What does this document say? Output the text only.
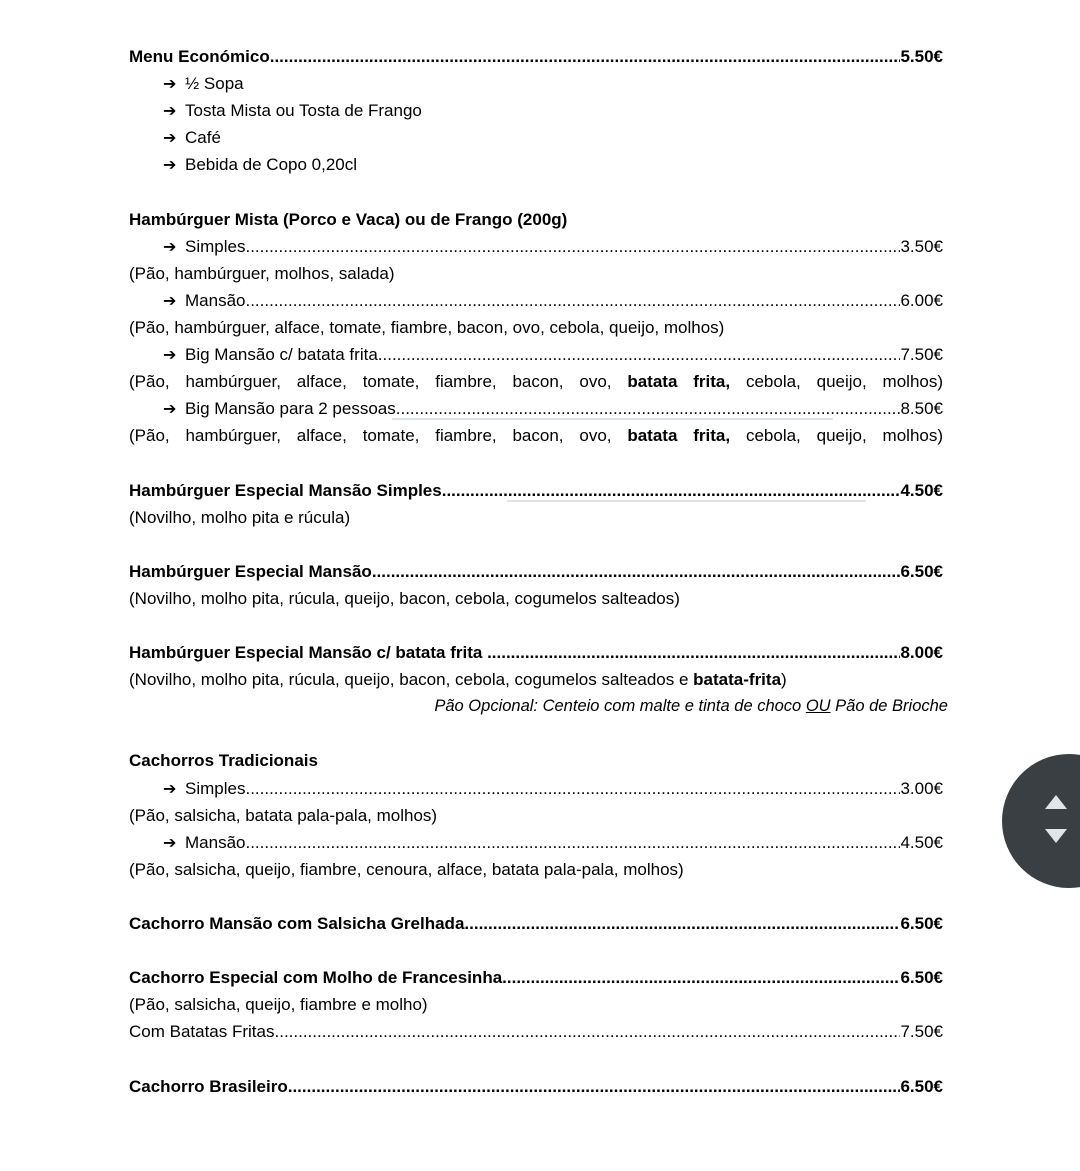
Menu Económico .....	5.50€
➔ ½ Sopa
➔ Tosta Mista ou Tosta de Frango
➔ Café
➔ Bebida de Copo 0,20cl
Hambúrguer Mista (Porco e Vaca) ou de Frango (200g)
➔ Simples .....	3.50€
(Pão, hambúrguer, molhos, salada)
➔ Mansão .....	6.00€
(Pão, hambúrguer, alface, tomate, fiambre, bacon, ovo, cebola, queijo, molhos)
➔ Big Mansão c/ batata frita .....	7.50€
(Pão, hambúrguer, alface, tomate, fiambre, bacon, ovo, batata frita, cebola, queijo, molhos)
➔ Big Mansão para 2 pessoas .....	8.50€
(Pão, hambúrguer, alface, tomate, fiambre, bacon, ovo, batata frita, cebola, queijo, molhos)
Hambúrguer Especial Mansão Simples .....	4.50€
(Novilho, molho pita e rúcula)
Hambúrguer Especial Mansão .....	6.50€
(Novilho, molho pita, rúcula, queijo, bacon, cebola, cogumelos salteados)
Hambúrguer Especial Mansão c/ batata frita .....	8.00€
(Novilho, molho pita, rúcula, queijo, bacon, cebola, cogumelos salteados e batata-frita)
Pão Opcional: Centeio com malte e tinta de choco OU Pão de Brioche
Cachorros Tradicionais
➔ Simples .....	3.00€
(Pão, salsicha, batata pala-pala, molhos)
➔ Mansão .....	4.50€
(Pão, salsicha, queijo, fiambre, cenoura, alface, batata pala-pala, molhos)
Cachorro Mansão com Salsicha Grelhada .....	6.50€
Cachorro Especial com Molho de Francesinha .....	6.50€
(Pão, salsicha, queijo, fiambre e molho)
Com Batatas Fritas .....	7.50€
Cachorro Brasileiro .....	6.50€
